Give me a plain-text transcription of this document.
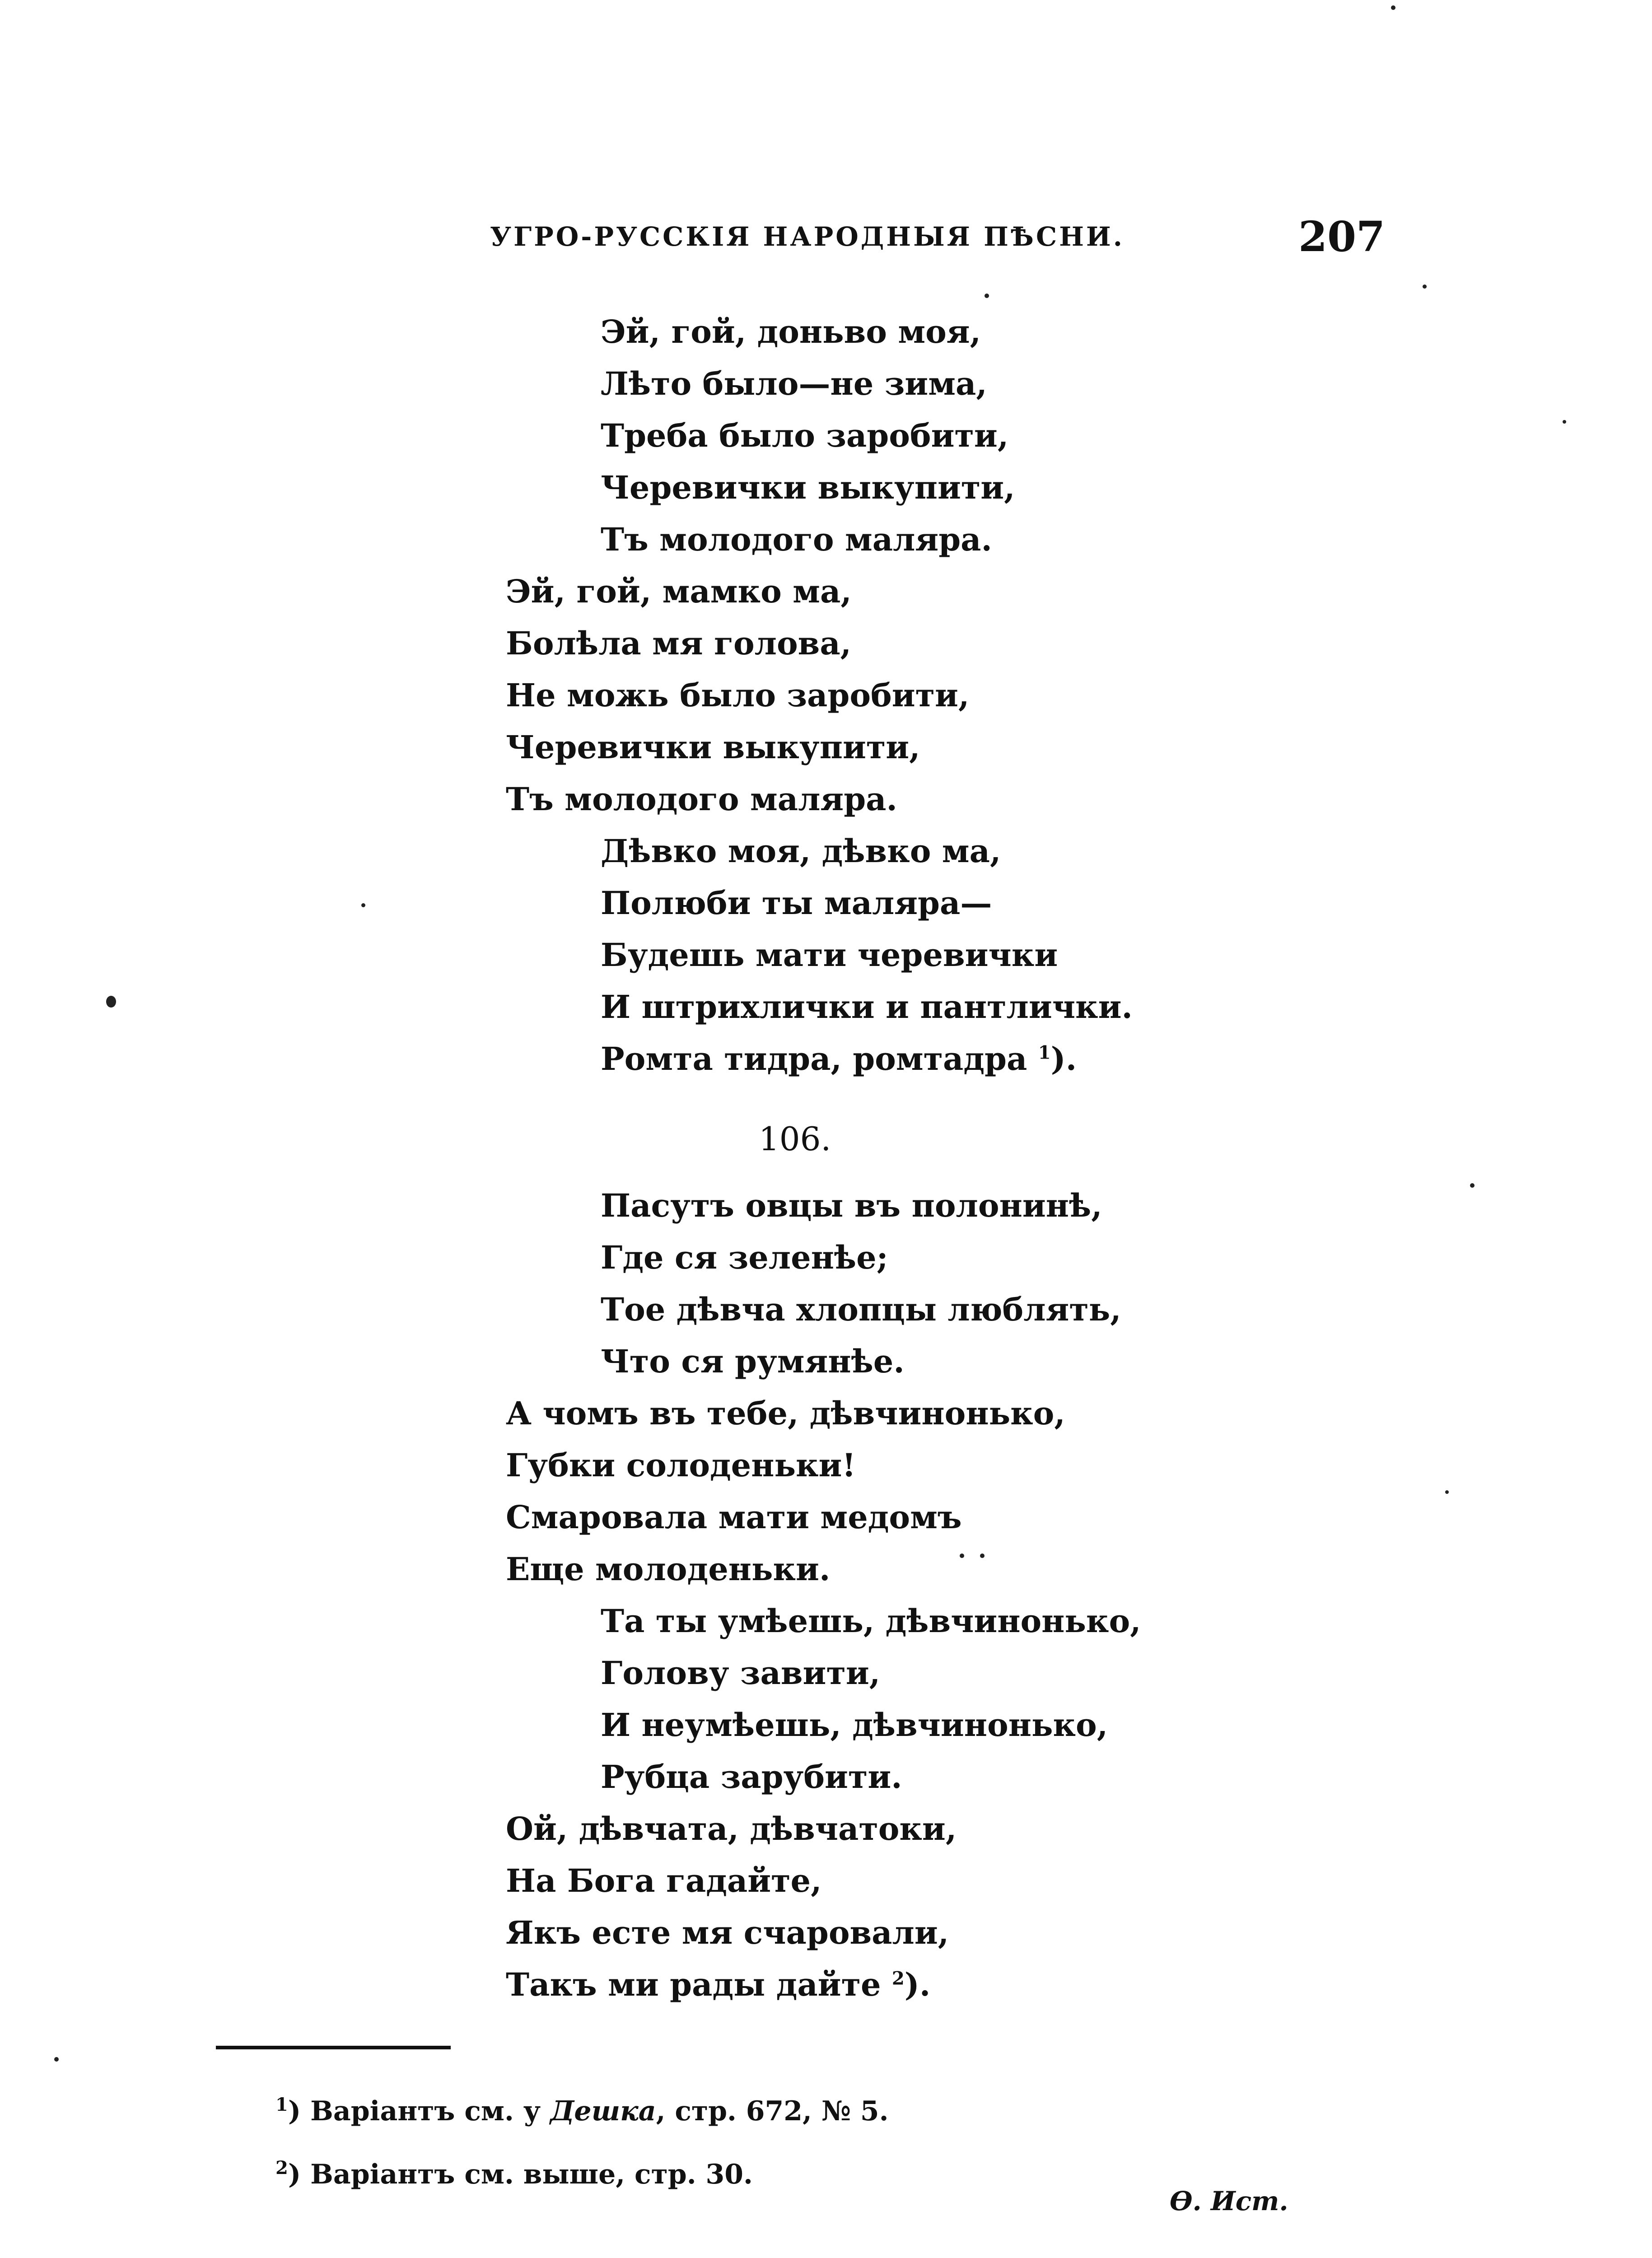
УГРО-РУССКІЯ НАРОДНЫЯ ПѢСНИ.	207
Эй, гой, доньво моя,
Лѣто было—не зима,
Треба было заробити,
Черевички выкупити,
Тъ молодого маляра.
Эй, гой, мамко ма,
Болѣла мя голова,
Не можь было заробити,
Черевички выкупити,
Тъ молодого маляра.
Дѣвко моя, дѣвко ма,
Полюби ты маляра—
Будешь мати черевички
И штрихлички и пантлички.
Ромта тидра, ромтадра $^1$).
106.
Пасутъ овцы въ полонинѣ,
Где ся зеленѣе;
Тое дѣвча хлопцы люблять,
Что ся румянѣе.
А чомъ въ тебе, дѣвчинонько,
Губки солоденьки!
Смаровала мати медомъ
Еще молоденьки.
Та ты умѣешь, дѣвчинонько,
Голову завити,
И неумѣешь, дѣвчинонько,
Рубца зарубити.
Ой, дѣвчата, дѣвчатоки,
На Бога гадайте,
Якъ есте мя счаровали,
Такъ ми рады дайте $^2$).
$^1$) Варіантъ см. у Дешка, стр. 672, № 5.
$^2$) Варіантъ см. выше, стр. 30.
Ѳ. Ист.
